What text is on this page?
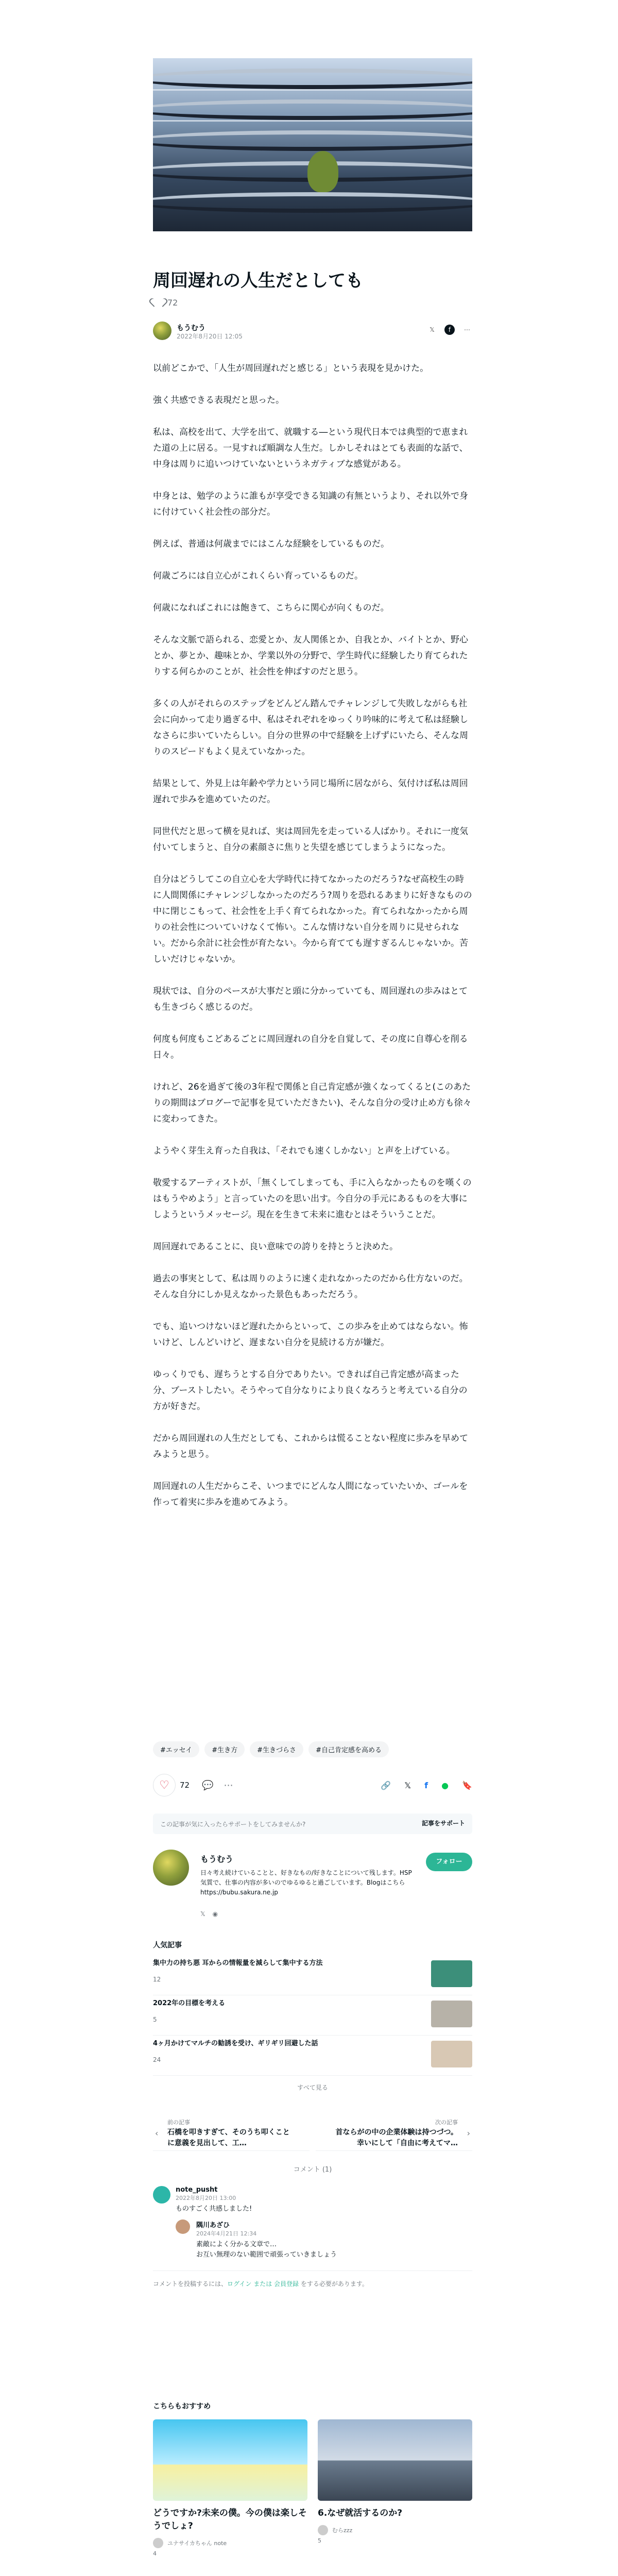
周回遅れの人生だとしても
72
もうむう
2022年8月20日 12:05
𝕏	f	⋯

以前どこかで、「人生が周回遅れだと感じる」という表現を見かけた。

強く共感できる表現だと思った。

私は、高校を出て、大学を出て、就職する―という現代日本では典型的で恵まれた道の上に居る。一見すれば順調な人生だ。しかしそれはとても表面的な話で、中身は周りに追いつけていないというネガティブな感覚がある。

中身とは、勉学のように誰もが享受できる知識の有無というより、それ以外で身に付けていく社会性の部分だ。

例えば、普通は何歳までにはこんな経験をしているものだ。

何歳ごろには自立心がこれくらい育っているものだ。

何歳になればこれには飽きて、こちらに関心が向くものだ。

そんな文脈で語られる、恋愛とか、友人関係とか、自我とか、バイトとか、野心とか、夢とか、趣味とか、学業以外の分野で、学生時代に経験したり育てられたりする何らかのことが、社会性を伸ばすのだと思う。

多くの人がそれらのステップをどんどん踏んでチャレンジして失敗しながらも社会に向かって走り過ぎる中、私はそれぞれをゆっくり吟味的に考えて私は経験しなさらに歩いていたらしい。自分の世界の中で経験を上げずにいたら、そんな周りのスピードもよく見えていなかった。

結果として、外見上は年齢や学力という同じ場所に居ながら、気付けば私は周回遅れで歩みを進めていたのだ。

同世代だと思って横を見れば、実は周回先を走っている人ばかり。それに一度気付いてしまうと、自分の素顔さに焦りと失望を感じてしまうようになった。

自分はどうしてこの自立心を大学時代に持てなかったのだろう?なぜ高校生の時に人間関係にチャレンジしなかったのだろう?周りを恐れるあまりに好きなものの中に閉じこもって、社会性を上手く育てられなかった。育てられなかったから周りの社会性についていけなくて怖い。こんな情けない自分を周りに見せられない。だから余計に社会性が育たない。今から育てても遅すぎるんじゃないか。苦しいだけじゃないか。

現状では、自分のペースが大事だと頭に分かっていても、周回遅れの歩みはとても生きづらく感じるのだ。

何度も何度もこどあるごとに周回遅れの自分を自覚して、その度に自尊心を削る日々。

けれど、26を過ぎて後の3年程で関係と自己肯定感が強くなってくると(このあたりの期間はブログーで記事を見ていただきたい)、そんな自分の受け止め方も徐々に変わってきた。

ようやく芽生え育った自我は、「それでも速くしかない」と声を上げている。

敬愛するアーティストが、「無くしてしまっても、手に入らなかったものを嘆くのはもうやめよう」と言っていたのを思い出す。今自分の手元にあるものを大事にしようというメッセージ。現在を生きて未来に進むとはそういうことだ。

周回遅れであることに、良い意味での誇りを持とうと決めた。

過去の事実として、私は周りのように速く走れなかったのだから仕方ないのだ。そんな自分にしか見えなかった景色もあっただろう。

でも、追いつけないほど遅れたからといって、この歩みを止めてはならない。怖いけど、しんどいけど、遅まない自分を見続ける方が嫌だ。

ゆっくりでも、遅ちうとする自分でありたい。できれば自己肯定感が高まった分、ブーストしたい。そうやって自分なりにより良くなろうと考えている自分の方が好きだ。

だから周回遅れの人生だとしても、これからは慌ることない程度に歩みを早めてみようと思う。

周回遅れの人生だからこそ、いつまでにどんな人間になっていたいか、ゴールを作って着実に歩みを進めてみよう。

#エッセイ	#生き方	#生きづらさ	#自己肯定感を高める
♡ 72 💬 ⋯	🔗 𝕏 f ● 🔖
この記事が気に入ったらサポートをしてみませんか?	記事をサポート
もうむう
日々考え続けていることと、好きなもの/好きなことについて残します。HSP気質で、仕事の内容が多いのでゆるゆると過ごしています。Blogはこちら https://bubu.sakura.ne.jp
フォロー
𝕏 ◉
人気記事
集中力の持ち悪 耳からの情報量を減らして集中する方法
12
2022年の目標を考える
5
4ヶ月かけてマルチの勧誘を受け、ギリギリ回避した話
24
すべて見る
‹
前の記事
石橋を叩きすぎて、そのうち叩くことに意義を見出して、工…
›
次の記事
首ならがの中の企業体験は持つづつ。幸いにして「自由に考えてマ…
コメント (1)
note_pusht
2022年8月20日 13:00
ものすごく共感しました!
隅川あざひ
2024年4月21日 12:34
素敵によく分かる文章で…
お互い無理のない範囲で頑張っていきましょう
コメントを投稿するには、ログイン または 会員登録 をする必要があります。
こちらもおすすめ
どうですか?未来の僕。今の僕は楽しそうでしょ?
ユナサイカちゃん note
4
6.なぜ就活するのか?
むらzzz
5
